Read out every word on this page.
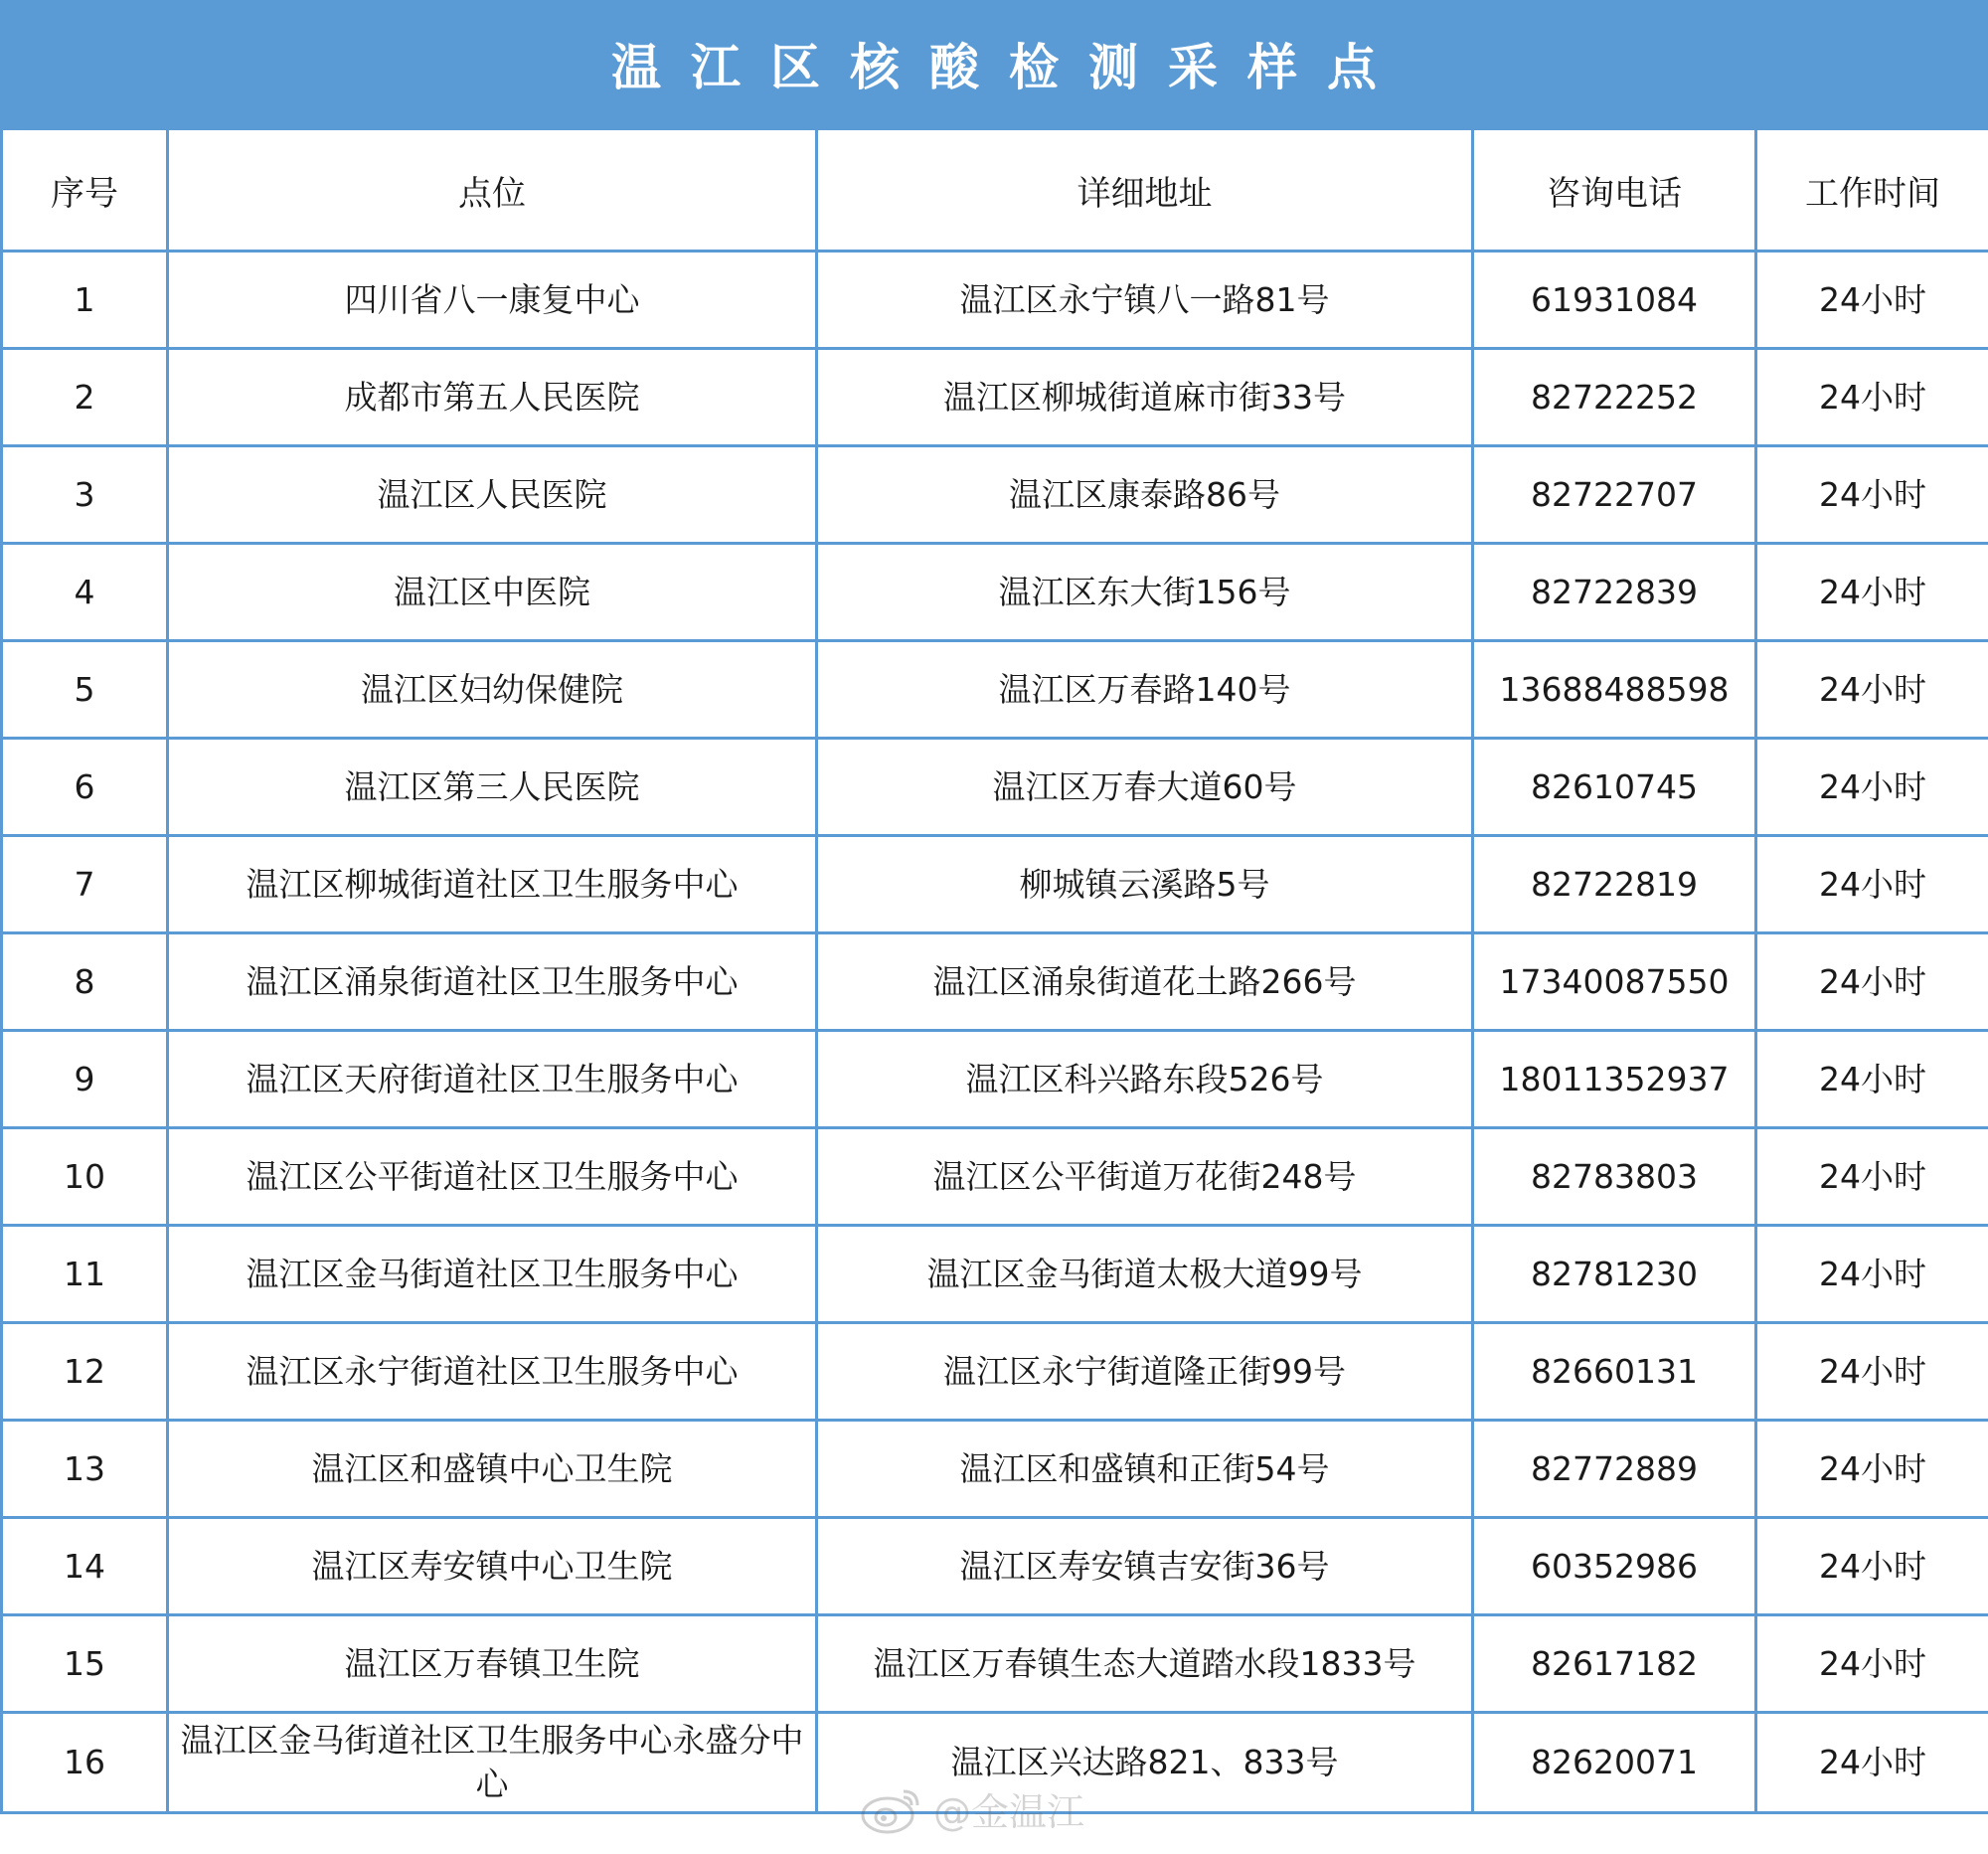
温江区核酸检测采样点
序号	点位	详细地址	咨询电话	工作时间
1	四川省八一康复中心	温江区永宁镇八一路81号	61931084	24小时
2	成都市第五人民医院	温江区柳城街道麻市街33号	82722252	24小时
3	温江区人民医院	温江区康泰路86号	82722707	24小时
4	温江区中医院	温江区东大街156号	82722839	24小时
5	温江区妇幼保健院	温江区万春路140号	13688488598	24小时
6	温江区第三人民医院	温江区万春大道60号	82610745	24小时
7	温江区柳城街道社区卫生服务中心	柳城镇云溪路5号	82722819	24小时
8	温江区涌泉街道社区卫生服务中心	温江区涌泉街道花土路266号	17340087550	24小时
9	温江区天府街道社区卫生服务中心	温江区科兴路东段526号	18011352937	24小时
10	温江区公平街道社区卫生服务中心	温江区公平街道万花街248号	82783803	24小时
11	温江区金马街道社区卫生服务中心	温江区金马街道太极大道99号	82781230	24小时
12	温江区永宁街道社区卫生服务中心	温江区永宁街道隆正街99号	82660131	24小时
13	温江区和盛镇中心卫生院	温江区和盛镇和正街54号	82772889	24小时
14	温江区寿安镇中心卫生院	温江区寿安镇吉安街36号	60352986	24小时
15	温江区万春镇卫生院	温江区万春镇生态大道踏水段1833号	82617182	24小时
16	温江区金马街道社区卫生服务中心永盛分中心	温江区兴达路821、833号	82620071	24小时
@金温江
